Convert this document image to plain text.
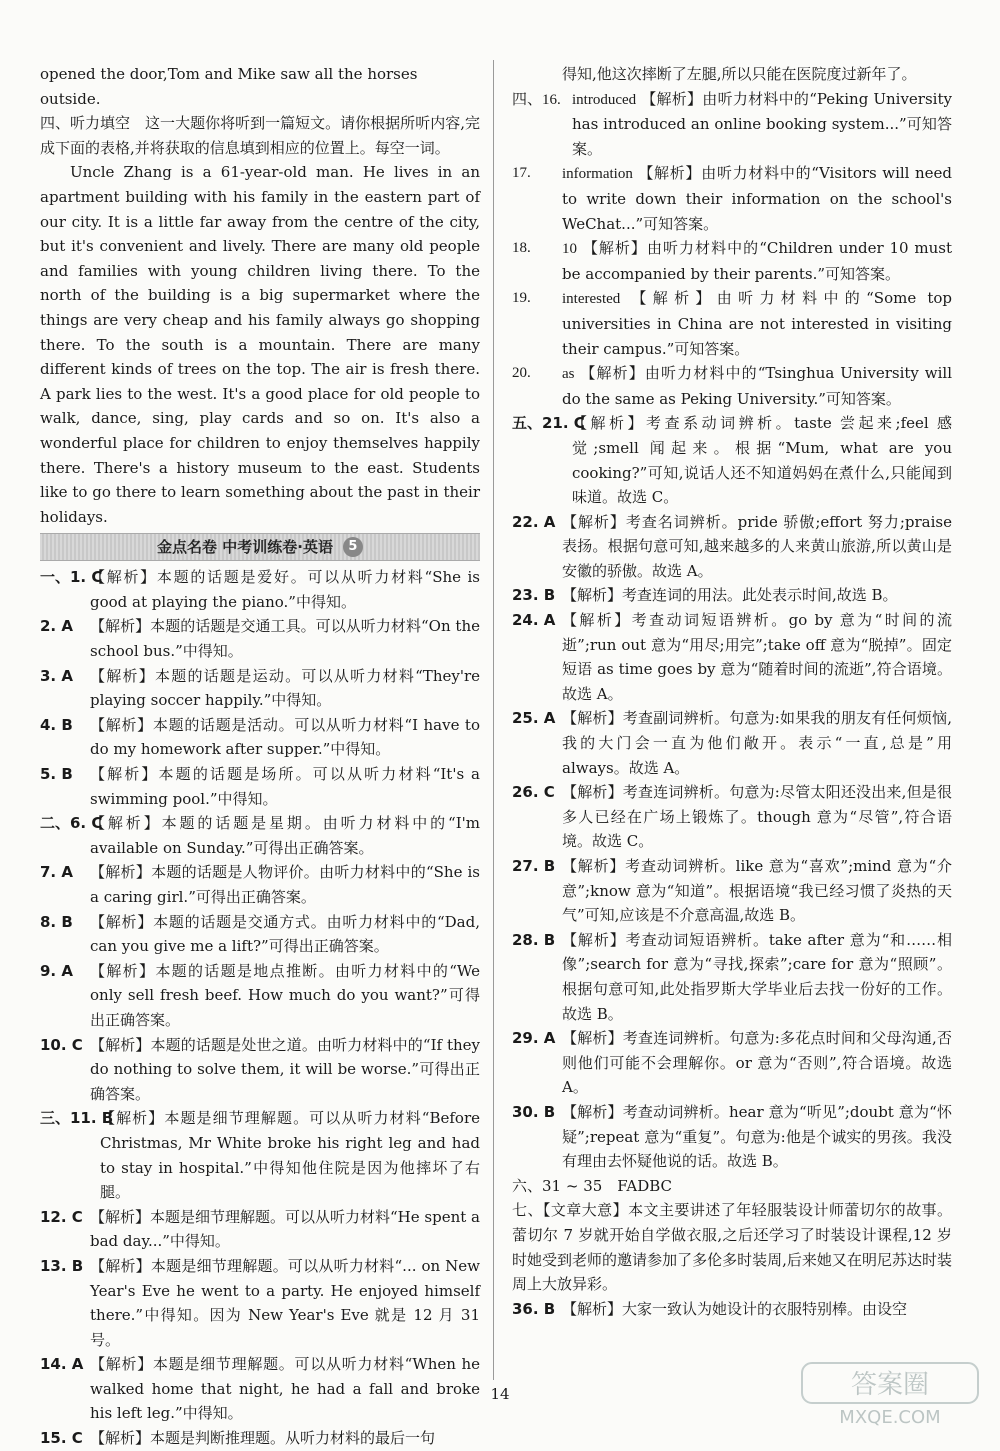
opened the door,Tom and Mike saw all the horses outside.

四、听力填空　这一大题你将听到一篇短文。请你根据所听内容,完成下面的表格,并将获取的信息填到相应的位置上。每空一词。

Uncle Zhang is a 61-year-old man. He lives in an apartment building with his family in the eastern part of our city. It is a little far away from the centre of the city, but it's convenient and lively. There are many old people and families with young children living there. To the north of the building is a big supermarket where the things are very cheap and his family always go shopping there. To the south is a mountain. There are many different kinds of trees on the top. The air is fresh there. A park lies to the west. It's a good place for old people to walk, dance, sing, play cards and so on. It's also a wonderful place for children to enjoy themselves happily there. There's a history museum to the east. Students like to go there to learn something about the past in their holidays.

金点名卷 中考训练卷·英语	5
一、1. C
【解析】本题的话题是爱好。可以从听力材料“She is good at playing the piano.”中得知。
2. A	【解析】本题的话题是交通工具。可以从听力材料“On the school bus.”中得知。
3. A	【解析】本题的话题是运动。可以从听力材料“They're playing soccer happily.”中得知。
4. B	【解析】本题的话题是活动。可以从听力材料“I have to do my homework after supper.”中得知。
5. B	【解析】本题的话题是场所。可以从听力材料“It's a swimming pool.”中得知。
二、6. C
【解析】本题的话题是星期。由听力材料中的“I'm available on Sunday.”可得出正确答案。
7. A	【解析】本题的话题是人物评价。由听力材料中的“She is a caring girl.”可得出正确答案。
8. B	【解析】本题的话题是交通方式。由听力材料中的“Dad, can you give me a lift?”可得出正确答案。
9. A	【解析】本题的话题是地点推断。由听力材料中的“We only sell fresh beef. How much do you want?”可得出正确答案。
10. C 【解析】本题的话题是处世之道。由听力材料中的“If they do nothing to solve them, it will be worse.”可得出正确答案。
三、11. B
【解析】本题是细节理解题。可以从听力材料“Before Christmas, Mr White broke his right leg and had to stay in hospital.”中得知他住院是因为他摔坏了右腿。
12. C 【解析】本题是细节理解题。可以从听力材料“He spent a bad day...”中得知。
13. B 【解析】本题是细节理解题。可以从听力材料“... on New Year's Eve he went to a party. He enjoyed himself there.”中得知。因为 New Year's Eve 就是 12 月 31 号。
14. A 【解析】本题是细节理解题。可以从听力材料“When he walked home that night, he had a fall and broke his left leg.”中得知。
15. C 【解析】本题是判断推理题。从听力材料的最后一句

得知,他这次摔断了左腿,所以只能在医院度过新年了。

四、16. introduced 【解析】由听力材料中的“Peking University has introduced an online booking system...”可知答案。
17.	information 【解析】由听力材料中的“Visitors will need to write down their information on the school's WeChat...”可知答案。
18.	10 【解析】由听力材料中的“Children under 10 must be accompanied by their parents.”可知答案。
19.	interested 【解析】由听力材料中的“Some top universities in China are not interested in visiting their campus.”可知答案。
20.	as 【解析】由听力材料中的“Tsinghua University will do the same as Peking University.”可知答案。
五、21. C
【解析】考查系动词辨析。taste 尝起来;feel 感觉;smell 闻起来。根据“Mum, what are you cooking?”可知,说话人还不知道妈妈在煮什么,只能闻到味道。故选 C。
22. A 【解析】考查名词辨析。pride 骄傲;effort 努力;praise 表扬。根据句意可知,越来越多的人来黄山旅游,所以黄山是安徽的骄傲。故选 A。
23. B 【解析】考查连词的用法。此处表示时间,故选 B。
24. A 【解析】考查动词短语辨析。go by 意为“时间的流逝”;run out 意为“用尽;用完”;take off 意为“脱掉”。固定短语 as time goes by 意为“随着时间的流逝”,符合语境。故选 A。
25. A 【解析】考查副词辨析。句意为:如果我的朋友有任何烦恼,我的大门会一直为他们敞开。表示“一直,总是”用 always。故选 A。
26. C 【解析】考查连词辨析。句意为:尽管太阳还没出来,但是很多人已经在广场上锻炼了。though 意为“尽管”,符合语境。故选 C。
27. B 【解析】考查动词辨析。like 意为“喜欢”;mind 意为“介意”;know 意为“知道”。根据语境“我已经习惯了炎热的天气”可知,应该是不介意高温,故选 B。
28. B 【解析】考查动词短语辨析。take after 意为“和……相像”;search for 意为“寻找,探索”;care for 意为“照顾”。根据句意可知,此处指罗斯大学毕业后去找一份好的工作。故选 B。
29. A 【解析】考查连词辨析。句意为:多花点时间和父母沟通,否则他们可能不会理解你。or 意为“否则”,符合语境。故选 A。
30. B 【解析】考查动词辨析。hear 意为“听见”;doubt 意为“怀疑”;repeat 意为“重复”。句意为:他是个诚实的男孩。我没有理由去怀疑他说的话。故选 B。

六、31 ~ 35　FADBC

七、【文章大意】本文主要讲述了年轻服装设计师蕾切尔的故事。蕾切尔 7 岁就开始自学做衣服,之后还学习了时装设计课程,12 岁时她受到老师的邀请参加了多伦多时装周,后来她又在明尼苏达时装周上大放异彩。

36. B 【解析】大家一致认为她设计的衣服特别棒。由设空
14	答案圈
MXQE.COM
